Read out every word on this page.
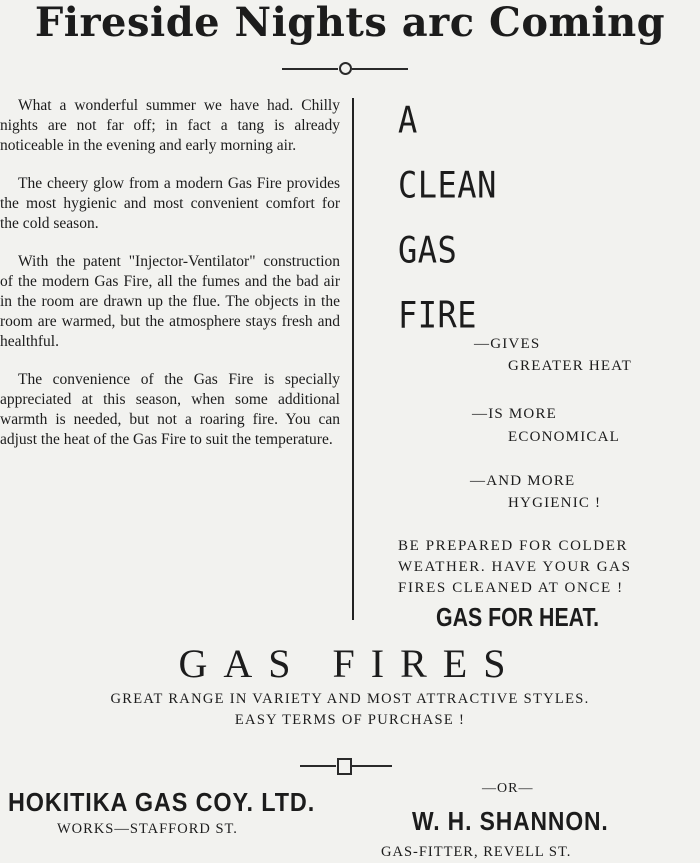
Fireside Nights arc Coming

What a wonderful summer we have had. Chilly nights are not far off; in fact a tang is already noticeable in the evening and early morning air.

The cheery glow from a modern Gas Fire provides the most hygienic and most convenient comfort for the cold season.

With the patent "Injector-Ventilator" construction of the modern Gas Fire, all the fumes and the bad air in the room are drawn up the flue. The objects in the room are warmed, but the atmosphere stays fresh and healthful.

The convenience of the Gas Fire is specially appreciated at this season, when some additional warmth is needed, but not a roaring fire. You can adjust the heat of the Gas Fire to suit the temperature.

A
CLEAN
GAS
FIRE
—GIVES
GREATER HEAT
—IS MORE
ECONOMICAL
—AND MORE
HYGIENIC !
BE PREPARED FOR COLDER
WEATHER. HAVE YOUR GAS
FIRES CLEANED AT ONCE !
GAS FOR HEAT.
GAS FIRES
GREAT RANGE IN VARIETY AND MOST ATTRACTIVE STYLES.
EASY TERMS OF PURCHASE !
HOKITIKA GAS COY. LTD.
WORKS—STAFFORD ST.
—OR—
W. H. SHANNON.
GAS-FITTER, REVELL ST.
